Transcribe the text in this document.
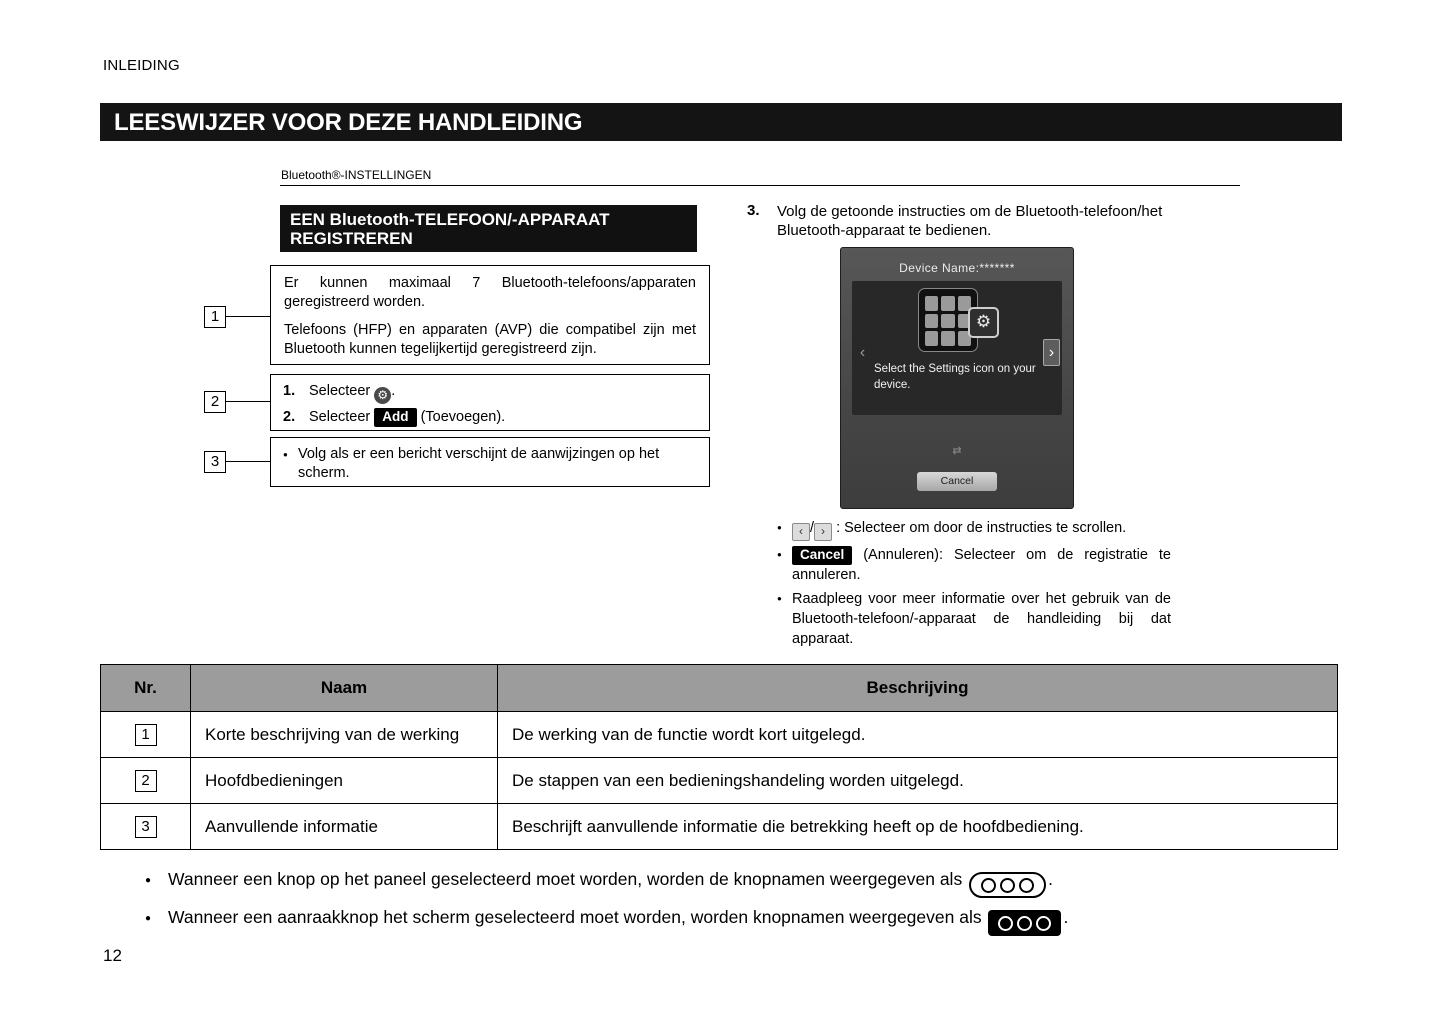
INLEIDING
LEESWIJZER VOOR DEZE HANDLEIDING
Bluetooth®-INSTELLINGEN
EEN Bluetooth-TELEFOON/-APPARAAT REGISTREREN
1
2
3

Er kunnen maximaal 7 Bluetooth-telefoons/apparaten geregistreerd worden.

Telefoons (HFP) en apparaten (AVP) die compatibel zijn met Bluetooth kunnen tegelijkertijd geregistreerd zijn.

1. Selecteer ⚙ .
2. Selecteer Add (Toevoegen).
● Volg als er een bericht verschijnt de aanwijzingen op het scherm.
3. Volg de getoonde instructies om de Bluetooth-telefoon/het Bluetooth-apparaat te bedienen.
Device Name:*******
⚙
‹	›
Select the Settings icon on your device.
⇄
Cancel
● ‹ / › : Selecteer om door de instructies te scrollen.
● Cancel (Annuleren): Selecteer om de registratie te annuleren.
● Raadpleeg voor meer informatie over het gebruik van de Bluetooth-telefoon/-apparaat de handleiding bij dat apparaat.
Nr.	Naam	Beschrijving
1	Korte beschrijving van de werking	De werking van de functie wordt kort uitgelegd.
2	Hoofdbedieningen	De stappen van een bedieningshandeling worden uitgelegd.
3	Aanvullende informatie	Beschrijft aanvullende informatie die betrekking heeft op de hoofdbediening.
● Wanneer een knop op het paneel geselecteerd moet worden, worden de knopnamen weergegeven als	.
● Wanneer een aanraakknop het scherm geselecteerd moet worden, worden knopnamen weergegeven als	.
12
